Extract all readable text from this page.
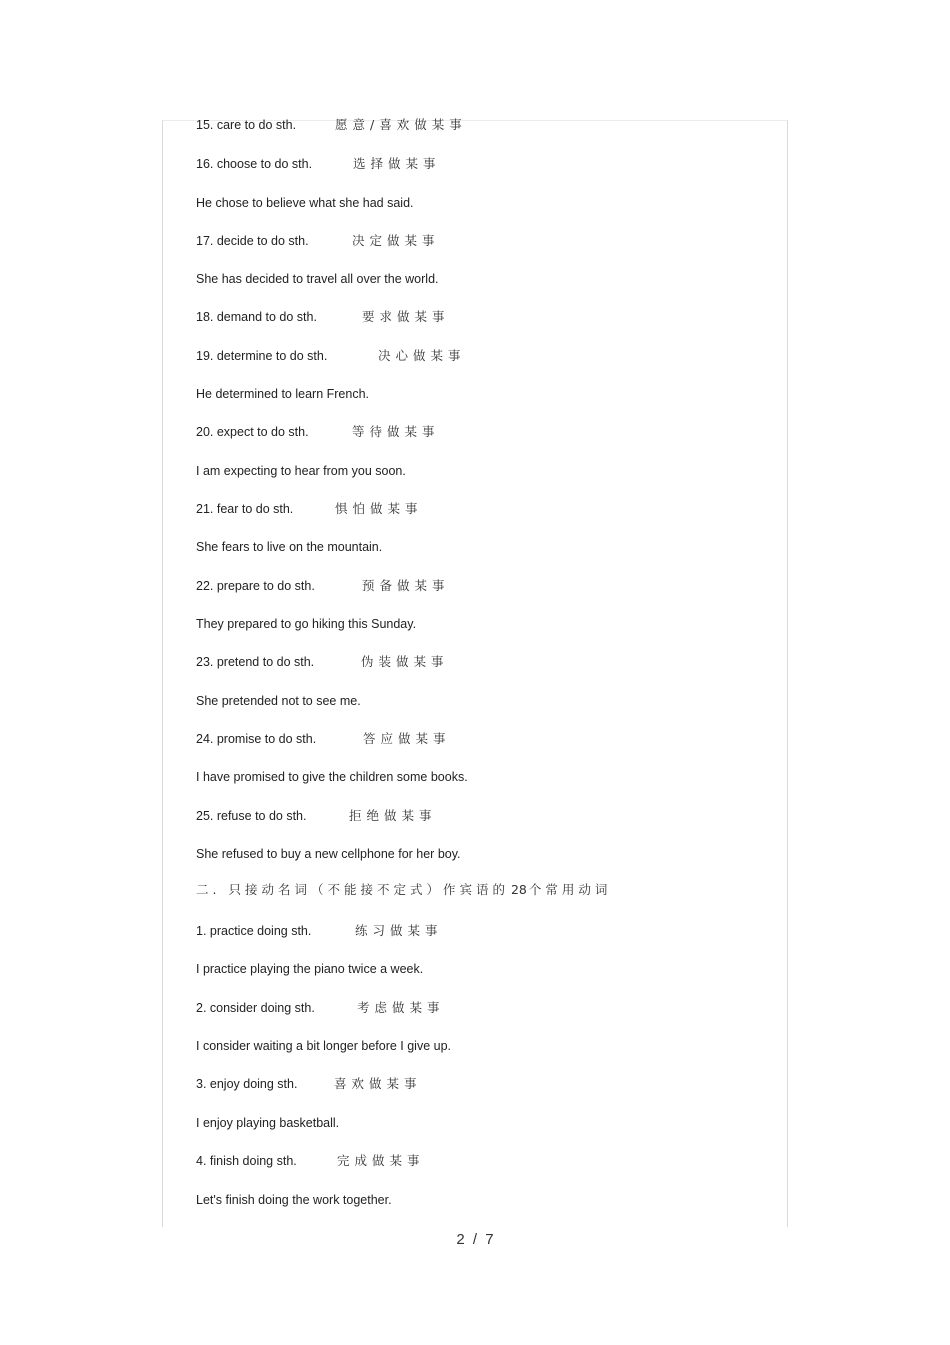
15. care to do sth.	愿意/喜欢做某事
16. choose to do sth.	选择做某事
He chose to believe what she had said.
17. decide to do sth.	决定做某事
She has decided to travel all over the world.
18. demand to do sth.	要求做某事
19. determine to do sth.	决心做某事
He determined to learn French.
20. expect to do sth.	等待做某事
I am expecting to hear from you soon.
21. fear to do sth.	惧怕做某事
She fears to live on the mountain.
22. prepare to do sth.	预备做某事
They prepared to go hiking this Sunday.
23. pretend to do sth.	伪装做某事
She pretended not to see me.
24. promise to do sth.	答应做某事
I have promised to give the children some books.
25. refuse to do sth.	拒绝做某事
She refused to buy a new cellphone for her boy.
二. 只接动名词（不能接不定式）作宾语的 28 个常用动词
1. practice doing sth.	练习做某事
I practice playing the piano twice a week.
2. consider doing sth.	考虑做某事
I consider waiting a bit longer before I give up.
3. enjoy doing sth.	喜欢做某事
I enjoy playing basketball.
4. finish doing sth.	完成做某事
Let's finish doing the work together.
2 / 7
